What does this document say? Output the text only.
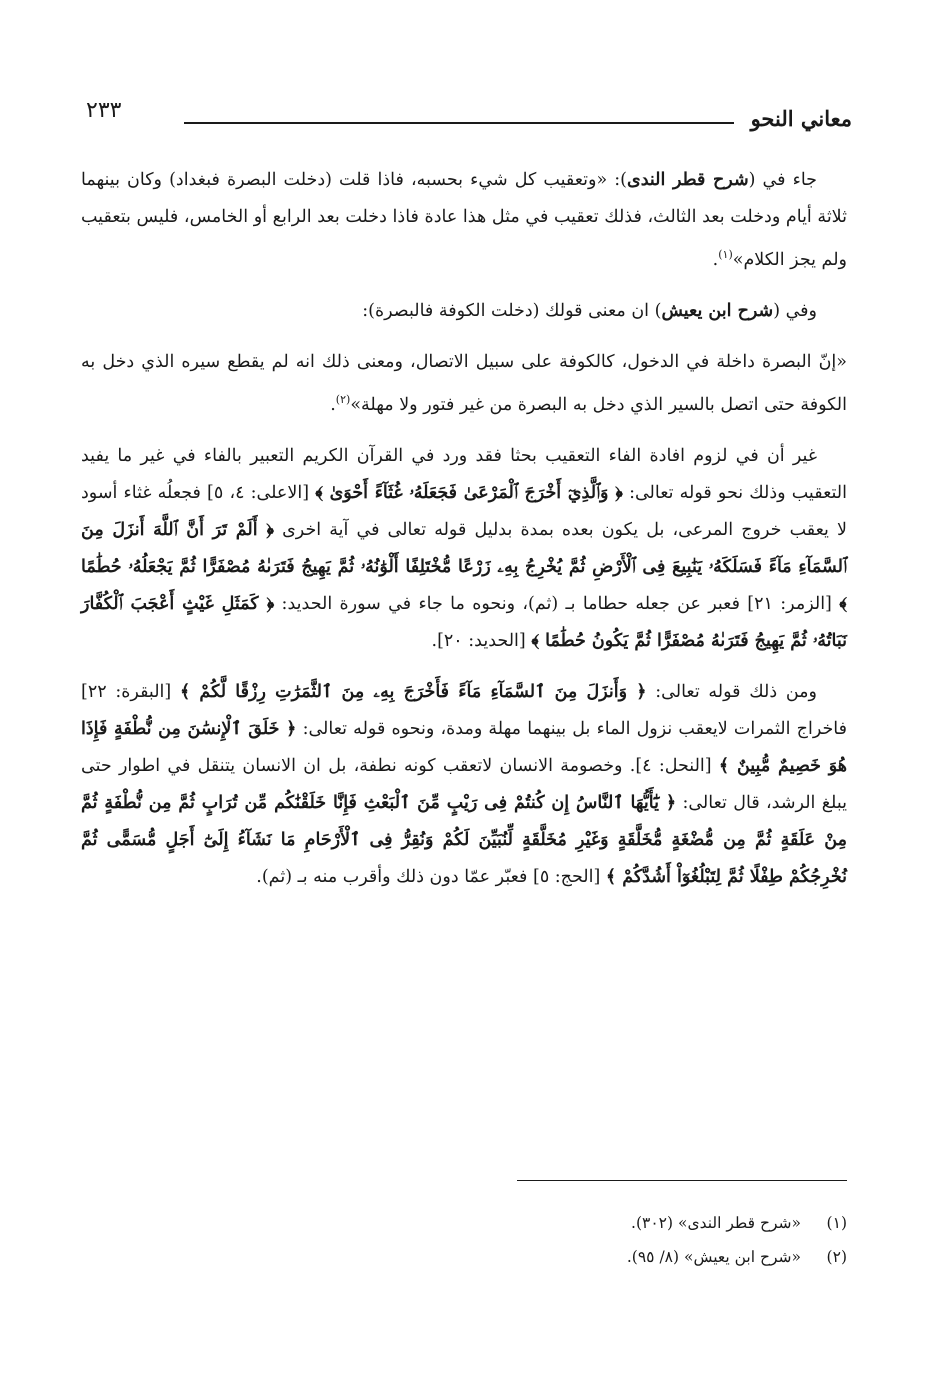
معاني النحو
٢٣٣

جاء في (شرح قطر الندى): «وتعقيب كل شيء بحسبه، فاذا قلت (دخلت البصرة فبغداد) وكان بينهما ثلاثة أيام ودخلت بعد الثالث، فذلك تعقيب في مثل هذا عادة فاذا دخلت بعد الرابع أو الخامس، فليس بتعقيب ولم يجز الكلام»$^{(١)}$.

وفي (شرح ابن يعيش) ان معنى قولك (دخلت الكوفة فالبصرة):

«إنّ البصرة داخلة في الدخول، كالكوفة على سبيل الاتصال، ومعنى ذلك انه لم يقطع سيره الذي دخل به الكوفة حتى اتصل بالسير الذي دخل به البصرة من غير فتور ولا مهلة»$^{(٢)}$.

غير أن في لزوم افادة الفاء التعقيب بحثا فقد ورد في القرآن الكريم التعبير بالفاء في غير ما يفيد التعقيب وذلك نحو قوله تعالى: ﴿ وَٱلَّذِيٓ أَخْرَجَ ٱلْمَرْعَىٰ فَجَعَلَهُۥ غُثَآءً أَحْوَىٰ ﴾ [الاعلى: ٤، ٥] فجعلُه غثاء أسود لا يعقب خروج المرعى، بل يكون بعده بمدة بدليل قوله تعالى في آية اخرى ﴿ أَلَمْ تَرَ أَنَّ ٱللَّهَ أَنزَلَ مِنَ ٱلسَّمَآءِ مَآءً فَسَلَكَهُۥ يَنَٰبِيعَ فِى ٱلْأَرْضِ ثُمَّ يُخْرِجُ بِهِۦ زَرْعًا مُّخْتَلِفًا أَلْوَٰنُهُۥ ثُمَّ يَهِيجُ فَتَرَىٰهُ مُصْفَرًّا ثُمَّ يَجْعَلُهُۥ حُطَٰمًا ﴾ [الزمر: ٢١] فعبر عن جعله حطاما بـ (ثم)، ونحوه ما جاء في سورة الحديد: ﴿ كَمَثَلِ غَيْثٍ أَعْجَبَ ٱلْكُفَّارَ نَبَاتُهُۥ ثُمَّ يَهِيجُ فَتَرَىٰهُ مُصْفَرًّا ثُمَّ يَكُونُ حُطَٰمًا ﴾ [الحديد: ٢٠].

ومن ذلك قوله تعالى: ﴿ وَأَنزَلَ مِنَ ٱلسَّمَآءِ مَآءً فَأَخْرَجَ بِهِۦ مِنَ ٱلثَّمَرَٰتِ رِزْقًا لَّكُمْ ﴾ [البقرة: ٢٢] فاخراج الثمرات لايعقب نزول الماء بل بينهما مهلة ومدة، ونحوه قوله تعالى: ﴿ خَلَقَ ٱلْإِنسَٰنَ مِن نُّطْفَةٍ فَإِذَا هُوَ خَصِيمٌ مُّبِينٌ ﴾ [النحل: ٤]. وخصومة الانسان لاتعقب كونه نطفة، بل ان الانسان يتنقل في اطوار حتى يبلغ الرشد، قال تعالى: ﴿ يَٰٓأَيُّهَا ٱلنَّاسُ إِن كُنتُمْ فِى رَيْبٍ مِّنَ ٱلْبَعْثِ فَإِنَّا خَلَقْنَٰكُم مِّن تُرَابٍ ثُمَّ مِن نُّطْفَةٍ ثُمَّ مِنْ عَلَقَةٍ ثُمَّ مِن مُّضْغَةٍ مُّخَلَّقَةٍ وَغَيْرِ مُخَلَّقَةٍ لِّنُبَيِّنَ لَكُمْ وَنُقِرُّ فِى ٱلْأَرْحَامِ مَا نَشَآءُ إِلَىٰٓ أَجَلٍ مُّسَمًّى ثُمَّ نُخْرِجُكُمْ طِفْلًا ثُمَّ لِتَبْلُغُوٓاْ أَشُدَّكُمْ ﴾ [الحج: ٥] فعبّر عمّا دون ذلك وأقرب منه بـ (ثم).

(١)
«شرح قطر الندى» (٣٠٢).
(٢)
«شرح ابن يعيش» (٨/ ٩٥).
